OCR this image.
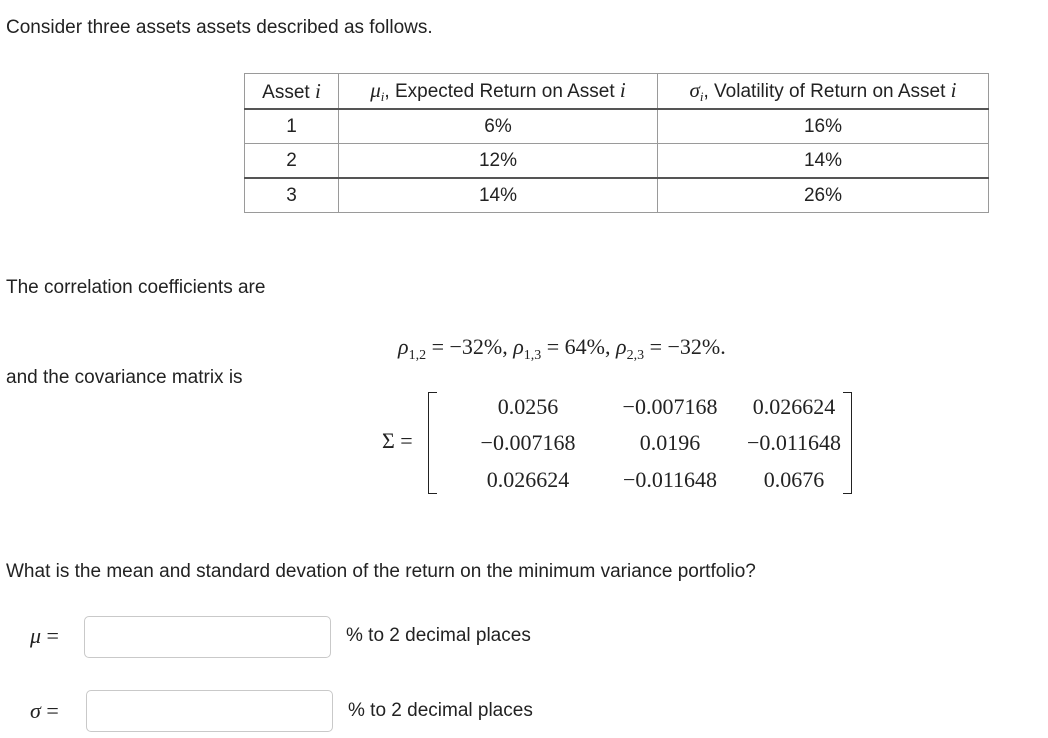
Consider three assets assets described as follows.

Asset i	$\mu_i$, Expected Return on Asset i	$\sigma_i$, Volatility of Return on Asset i
1	6%	16%
2	12%	14%
3	14%	26%

The correlation coefficients are

$\rho_{1,2} = -32\%$, $\rho_{1,3} = 64\%$, $\rho_{2,3} = -32\%$.

and the covariance matrix is

Σ =
0.0256	−0.007168	0.026624
−0.007168	0.0196	−0.011648
0.026624	−0.011648	0.0676

What is the mean and standard devation of the return on the minimum variance portfolio?

μ =	% to 2 decimal places
σ =	% to 2 decimal places
